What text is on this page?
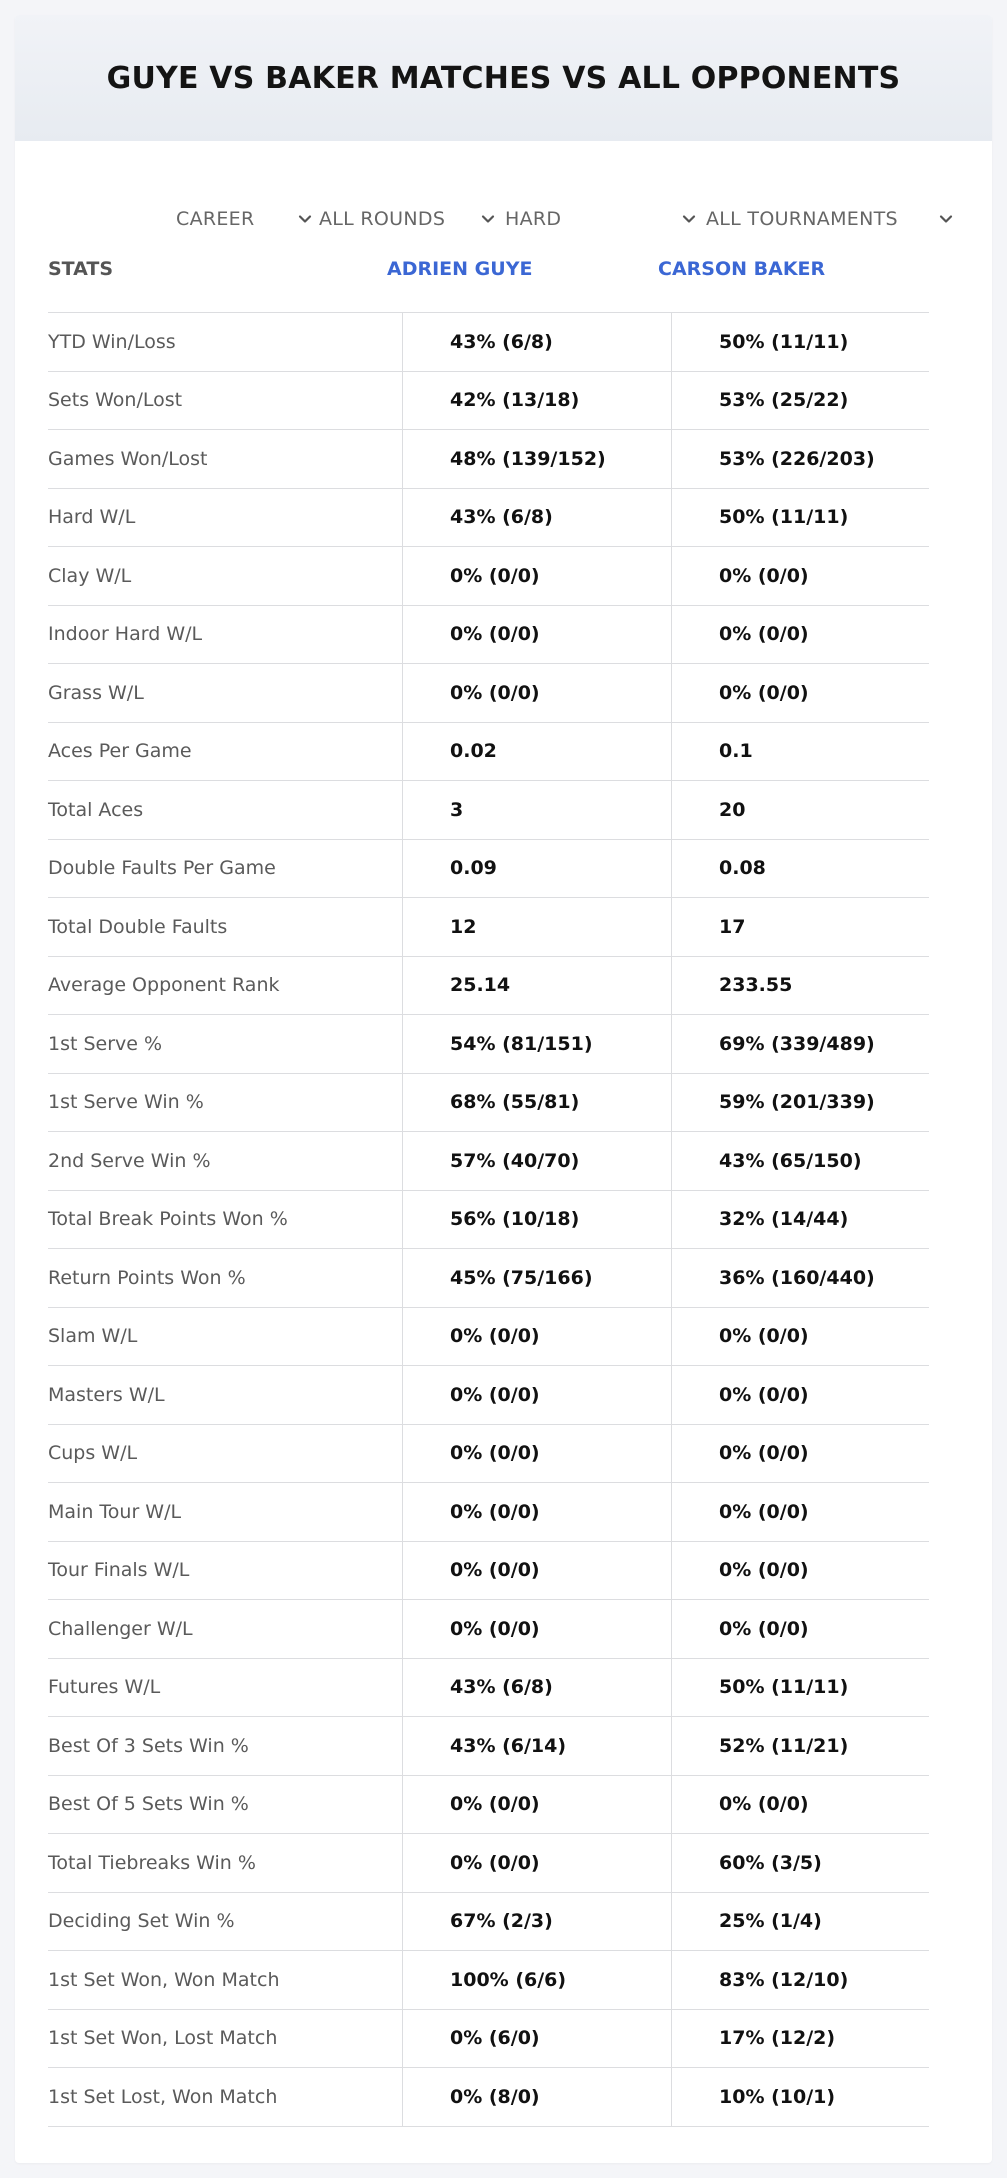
GUYE VS BAKER MATCHES VS ALL OPPONENTS
CAREER	ALL ROUNDS	HARD	ALL TOURNAMENTS
STATS	ADRIEN GUYE	CARSON BAKER
YTD Win/Loss	43% (6/8)	50% (11/11)
Sets Won/Lost	42% (13/18)	53% (25/22)
Games Won/Lost	48% (139/152)	53% (226/203)
Hard W/L	43% (6/8)	50% (11/11)
Clay W/L	0% (0/0)	0% (0/0)
Indoor Hard W/L	0% (0/0)	0% (0/0)
Grass W/L	0% (0/0)	0% (0/0)
Aces Per Game	0.02	0.1
Total Aces	3	20
Double Faults Per Game	0.09	0.08
Total Double Faults	12	17
Average Opponent Rank	25.14	233.55
1st Serve %	54% (81/151)	69% (339/489)
1st Serve Win %	68% (55/81)	59% (201/339)
2nd Serve Win %	57% (40/70)	43% (65/150)
Total Break Points Won %	56% (10/18)	32% (14/44)
Return Points Won %	45% (75/166)	36% (160/440)
Slam W/L	0% (0/0)	0% (0/0)
Masters W/L	0% (0/0)	0% (0/0)
Cups W/L	0% (0/0)	0% (0/0)
Main Tour W/L	0% (0/0)	0% (0/0)
Tour Finals W/L	0% (0/0)	0% (0/0)
Challenger W/L	0% (0/0)	0% (0/0)
Futures W/L	43% (6/8)	50% (11/11)
Best Of 3 Sets Win %	43% (6/14)	52% (11/21)
Best Of 5 Sets Win %	0% (0/0)	0% (0/0)
Total Tiebreaks Win %	0% (0/0)	60% (3/5)
Deciding Set Win %	67% (2/3)	25% (1/4)
1st Set Won, Won Match	100% (6/6)	83% (12/10)
1st Set Won, Lost Match	0% (6/0)	17% (12/2)
1st Set Lost, Won Match	0% (8/0)	10% (10/1)
